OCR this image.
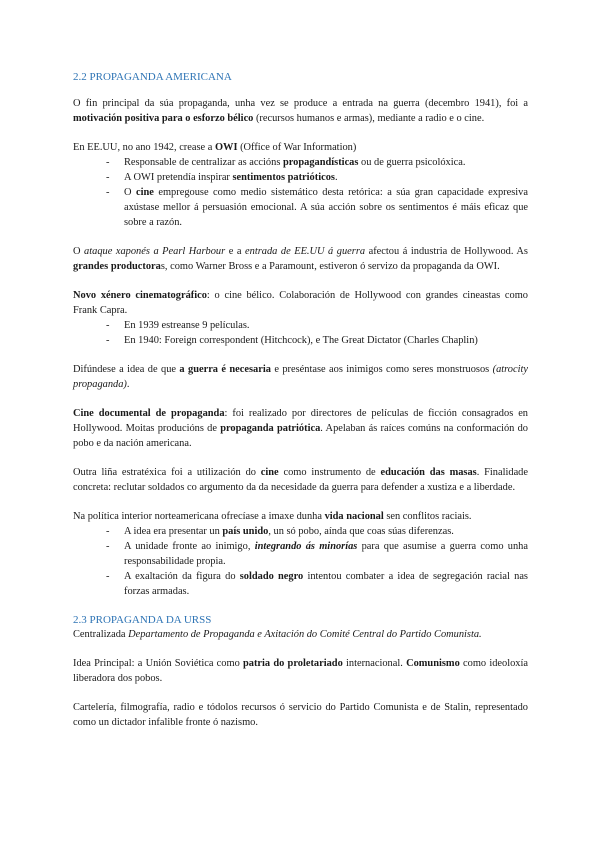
2.2 PROPAGANDA AMERICANA

O fin principal da súa propaganda, unha vez se produce a entrada na guerra (decembro 1941), foi a motivación positiva para o esforzo bélico (recursos humanos e armas), mediante a radio e o cine.

En EE.UU, no ano 1942, crease a OWI (Office of War Information)

- Responsable de centralizar as accións propagandísticas ou de guerra psicolóxica.
- A OWI pretendía inspirar sentimentos patrióticos.
- O cine empregouse como medio sistemático desta retórica: a súa gran capacidade expresiva axústase mellor á persuasión emocional. A súa acción sobre os sentimentos é máis eficaz que sobre a razón.

O ataque xaponés a Pearl Harbour e a entrada de EE.UU á guerra afectou á industria de Hollywood. As grandes productoras, como Warner Bross e a Paramount, estiveron ó servizo da propaganda da OWI.

Novo xénero cinematográfico: o cine bélico. Colaboración de Hollywood con grandes cineastas como Frank Capra.

- En 1939 estreanse 9 películas.
- En 1940: Foreign correspondent (Hitchcock), e The Great Dictator (Charles Chaplin)

Difúndese a idea de que a guerra é necesaria e preséntase aos inimigos como seres monstruosos (atrocity propaganda).

Cine documental de propaganda: foi realizado por directores de películas de ficción consagrados en Hollywood. Moitas producións de propaganda patriótica. Apelaban ás raíces comúns na conformación do pobo e da nación americana.

Outra liña estratéxica foi a utilización do cine como instrumento de educación das masas. Finalidade concreta: reclutar soldados co argumento da da necesidade da guerra para defender a xustiza e a liberdade.

Na política interior norteamericana ofrecíase a imaxe dunha vida nacional sen conflitos raciais.

- A idea era presentar un país unido, un só pobo, aínda que coas súas diferenzas.
- A unidade fronte ao inimigo, integrando ás minorías para que asumise a guerra como unha responsabilidade propia.
- A exaltación da figura do soldado negro intentou combater a idea de segregación racial nas forzas armadas.
2.3 PROPAGANDA DA URSS

Centralizada Departamento de Propaganda e Axitación do Comité Central do Partido Comunista.

Idea Principal: a Unión Soviética como patria do proletariado internacional. Comunismo como ideoloxía liberadora dos pobos.

Cartelería, filmografía, radio e tódolos recursos ó servicio do Partido Comunista e de Stalin, representado como un dictador infalible fronte ó nazismo.
